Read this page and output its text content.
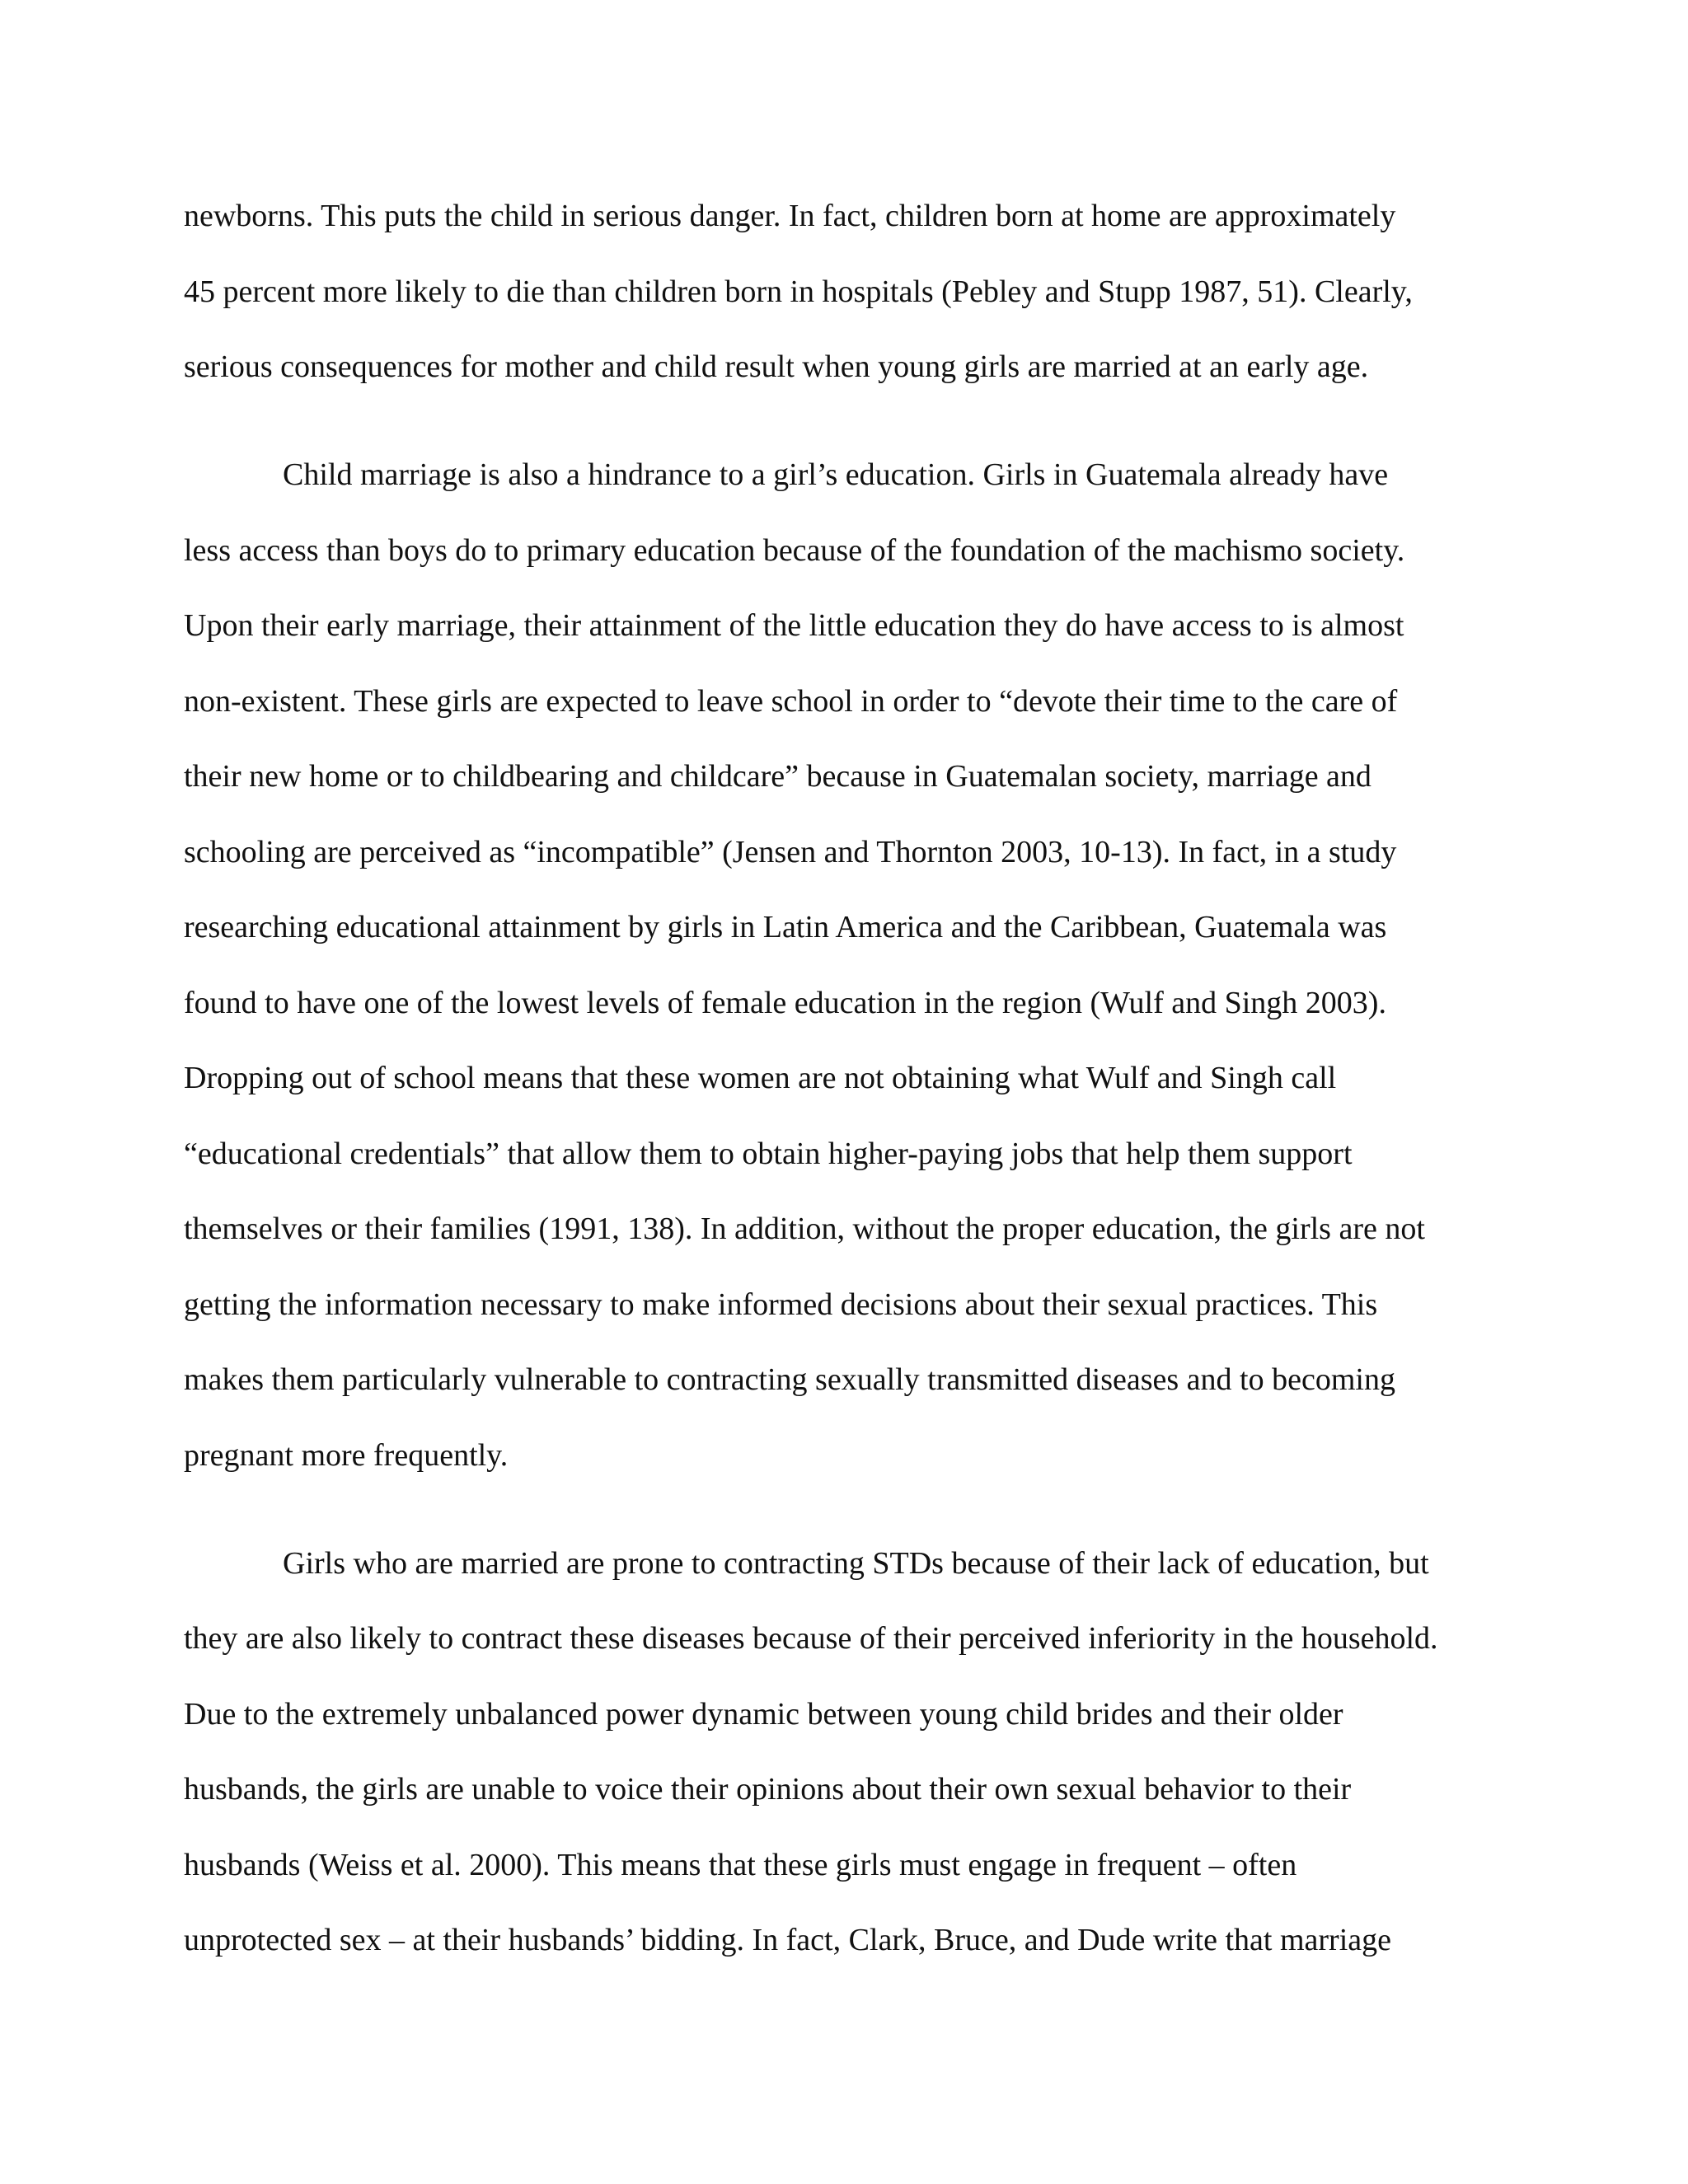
newborns. This puts the child in serious danger. In fact, children born at home are approximately
45 percent more likely to die than children born in hospitals (Pebley and Stupp 1987, 51). Clearly,
serious consequences for mother and child result when young girls are married at an early age.
Child marriage is also a hindrance to a girl’s education. Girls in Guatemala already have
less access than boys do to primary education because of the foundation of the machismo society.
Upon their early marriage, their attainment of the little education they do have access to is almost
non-existent. These girls are expected to leave school in order to “devote their time to the care of
their new home or to childbearing and childcare” because in Guatemalan society, marriage and
schooling are perceived as “incompatible” (Jensen and Thornton 2003, 10-13). In fact, in a study
researching educational attainment by girls in Latin America and the Caribbean, Guatemala was
found to have one of the lowest levels of female education in the region (Wulf and Singh 2003).
Dropping out of school means that these women are not obtaining what Wulf and Singh call
“educational credentials” that allow them to obtain higher-paying jobs that help them support
themselves or their families (1991, 138). In addition, without the proper education, the girls are not
getting the information necessary to make informed decisions about their sexual practices. This
makes them particularly vulnerable to contracting sexually transmitted diseases and to becoming
pregnant more frequently.
Girls who are married are prone to contracting STDs because of their lack of education, but
they are also likely to contract these diseases because of their perceived inferiority in the household.
Due to the extremely unbalanced power dynamic between young child brides and their older
husbands, the girls are unable to voice their opinions about their own sexual behavior to their
husbands (Weiss et al. 2000). This means that these girls must engage in frequent – often
unprotected sex – at their husbands’ bidding. In fact, Clark, Bruce, and Dude write that marriage
